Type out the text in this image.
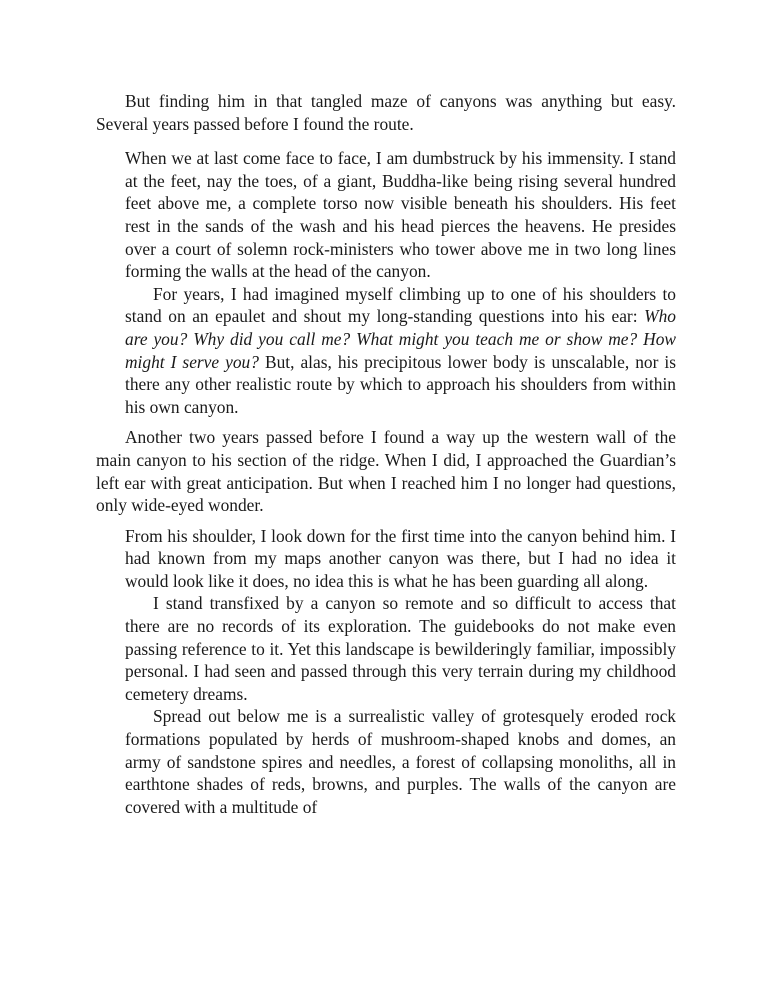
But finding him in that tangled maze of canyons was anything but easy. Several years passed before I found the route.

When we at last come face to face, I am dumbstruck by his immensity. I stand at the feet, nay the toes, of a giant, Buddha-like being rising several hundred feet above me, a complete torso now visible beneath his shoulders. His feet rest in the sands of the wash and his head pierces the heavens. He presides over a court of solemn rock-ministers who tower above me in two long lines forming the walls at the head of the canyon.

For years, I had imagined myself climbing up to one of his shoulders to stand on an epaulet and shout my long-standing questions into his ear: Who are you? Why did you call me? What might you teach me or show me? How might I serve you? But, alas, his precipitous lower body is unscalable, nor is there any other realistic route by which to approach his shoulders from within his own canyon.

Another two years passed before I found a way up the western wall of the main canyon to his section of the ridge. When I did, I approached the Guardian’s left ear with great anticipation. But when I reached him I no longer had questions, only wide-eyed wonder.

From his shoulder, I look down for the first time into the canyon behind him. I had known from my maps another canyon was there, but I had no idea it would look like it does, no idea this is what he has been guarding all along.

I stand transfixed by a canyon so remote and so difficult to access that there are no records of its exploration. The guidebooks do not make even passing reference to it. Yet this landscape is bewilderingly familiar, impossibly personal. I had seen and passed through this very terrain during my childhood cemetery dreams.

Spread out below me is a surrealistic valley of grotesquely eroded rock formations populated by herds of mushroom-shaped knobs and domes, an army of sandstone spires and needles, a forest of collapsing monoliths, all in earthtone shades of reds, browns, and purples. The walls of the canyon are covered with a multitude of
